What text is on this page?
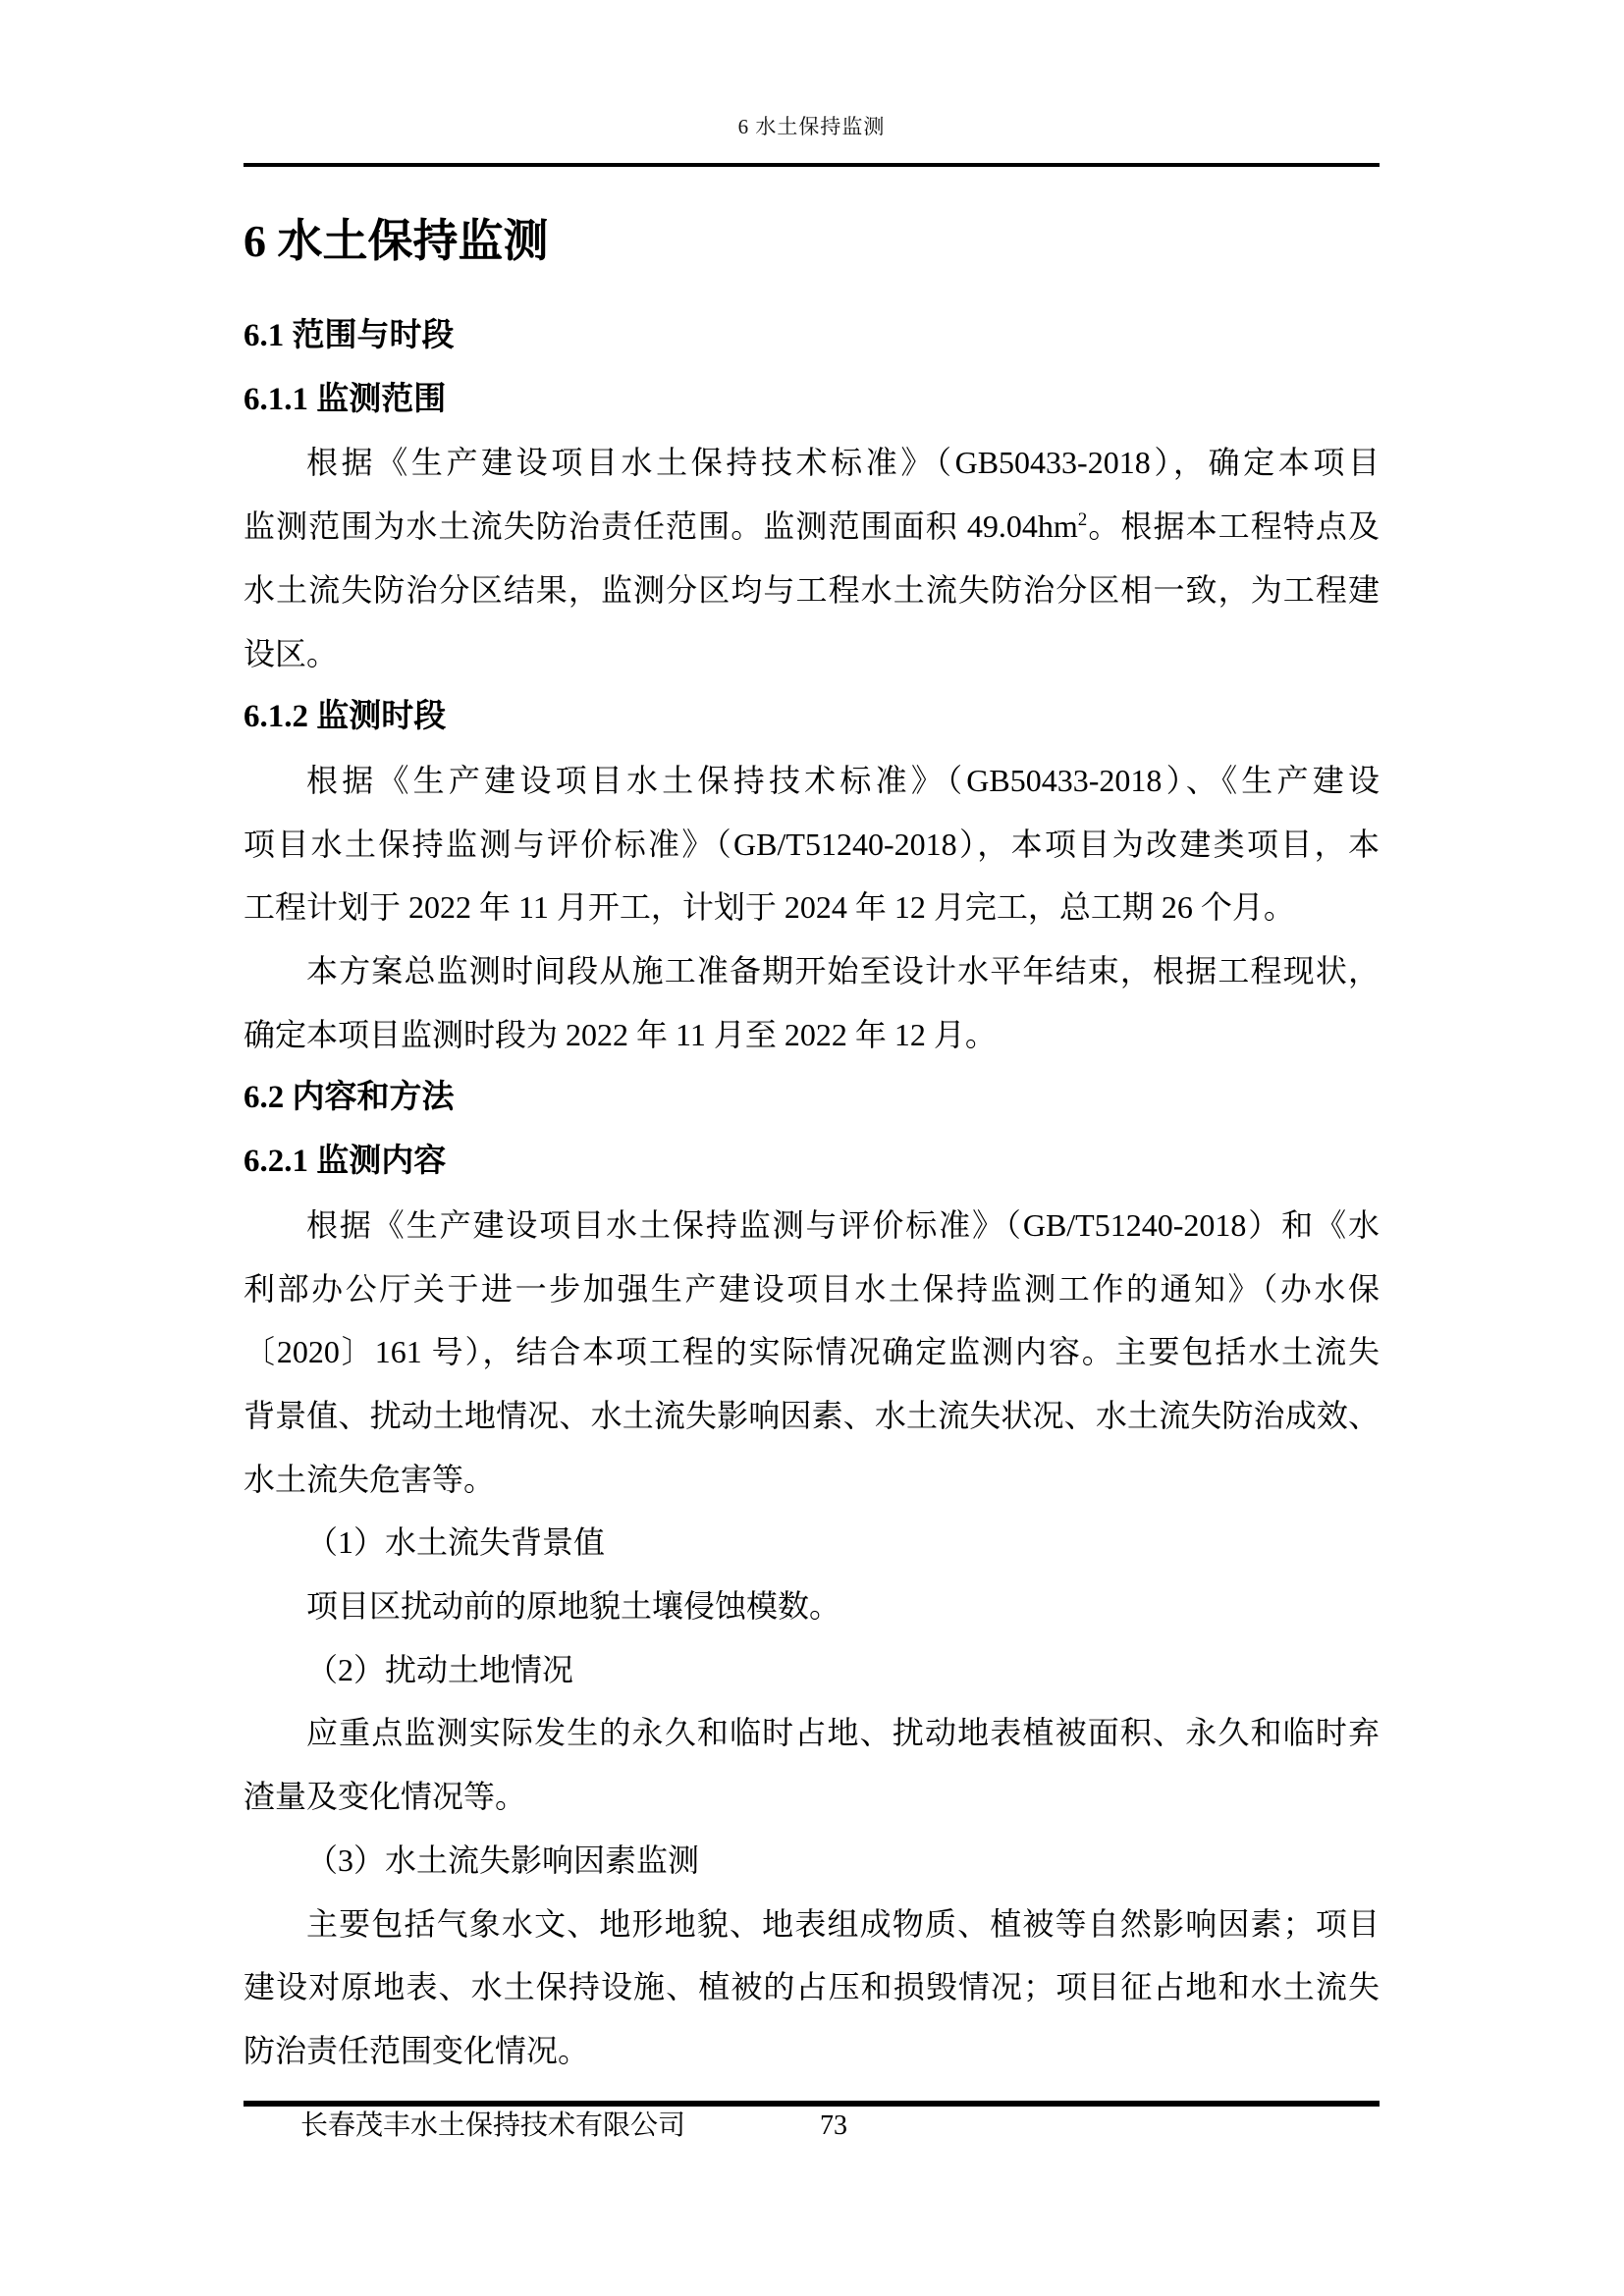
6 水土保持监测
6 水土保持监测
6.1 范围与时段
6.1.1 监测范围
根据《生产建设项目水土保持技术标准》（GB50433-2018），确定本项目
监测范围为水土流失防治责任范围。监测范围面积 $49.04hm^2$。根据本工程特点及
水土流失防治分区结果，监测分区均与工程水土流失防治分区相一致，为工程建
设区。
6.1.2 监测时段
根据《生产建设项目水土保持技术标准》（GB50433-2018）、《生产建设
项目水土保持监测与评价标准》（GB/T51240-2018），本项目为改建类项目，本
工程计划于 2022 年 11 月开工，计划于 2024 年 12 月完工，总工期 26 个月。
本方案总监测时间段从施工准备期开始至设计水平年结束，根据工程现状，
确定本项目监测时段为 2022 年 11 月至 2022 年 12 月。
6.2 内容和方法
6.2.1 监测内容
根据《生产建设项目水土保持监测与评价标准》（GB/T51240-2018）和《水
利部办公厅关于进一步加强生产建设项目水土保持监测工作的通知》（办水保
〔2020〕161 号），结合本项工程的实际情况确定监测内容。主要包括水土流失
背景值、扰动土地情况、水土流失影响因素、水土流失状况、水土流失防治成效、
水土流失危害等。
（1）水土流失背景值
项目区扰动前的原地貌土壤侵蚀模数。
（2）扰动土地情况
应重点监测实际发生的永久和临时占地、扰动地表植被面积、永久和临时弃
渣量及变化情况等。
（3）水土流失影响因素监测
主要包括气象水文、地形地貌、地表组成物质、植被等自然影响因素；项目
建设对原地表、水土保持设施、植被的占压和损毁情况；项目征占地和水土流失
防治责任范围变化情况。
长春茂丰水土保持技术有限公司	73
